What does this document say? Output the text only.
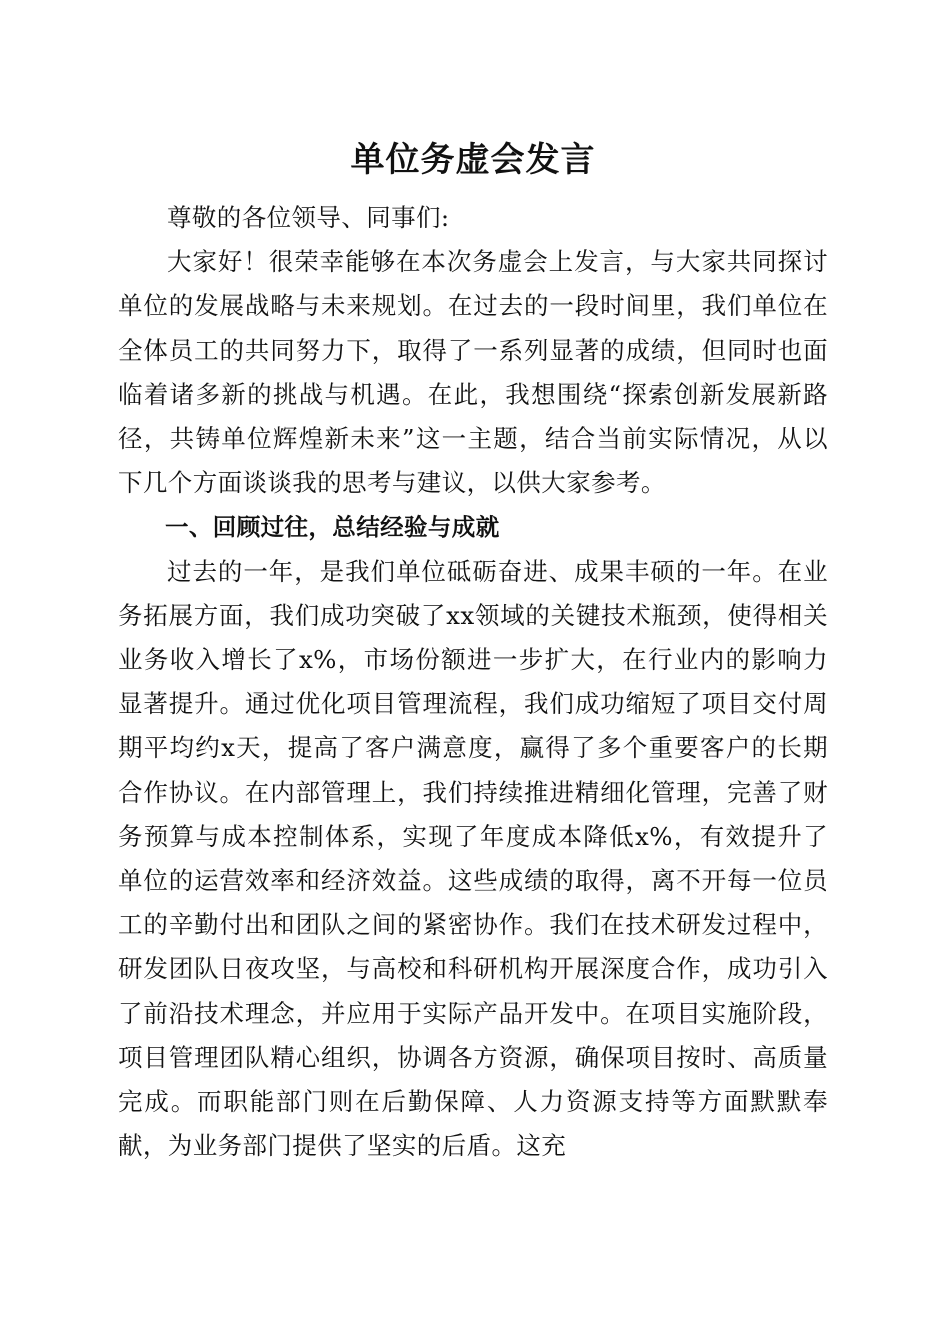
单位务虚会发言

尊敬的各位领导、同事们:

大家好！很荣幸能够在本次务虚会上发言，与大家共同探讨单位的发展战略与未来规划。在过去的一段时间里，我们单位在全体员工的共同努力下，取得了一系列显著的成绩，但同时也面临着诸多新的挑战与机遇。在此，我想围绕“探索创新发展新路径，共铸单位辉煌新未来”这一主题，结合当前实际情况，从以下几个方面谈谈我的思考与建议，以供大家参考。

一、回顾过往，总结经验与成就

过去的一年，是我们单位砥砺奋进、成果丰硕的一年。在业务拓展方面，我们成功突破了xx领域的关键技术瓶颈，使得相关业务收入增长了x%，市场份额进一步扩大，在行业内的影响力显著提升。通过优化项目管理流程，我们成功缩短了项目交付周期平均约x天，提高了客户满意度，赢得了多个重要客户的长期合作协议。在内部管理上，我们持续推进精细化管理，完善了财务预算与成本控制体系，实现了年度成本降低x%，有效提升了单位的运营效率和经济效益。这些成绩的取得，离不开每一位员工的辛勤付出和团队之间的紧密协作。我们在技术研发过程中，研发团队日夜攻坚，与高校和科研机构开展深度合作，成功引入了前沿技术理念，并应用于实际产品开发中。在项目实施阶段，项目管理团队精心组织，协调各方资源，确保项目按时、高质量完成。而职能部门则在后勤保障、人力资源支持等方面默默奉献，为业务部门提供了坚实的后盾。这充
